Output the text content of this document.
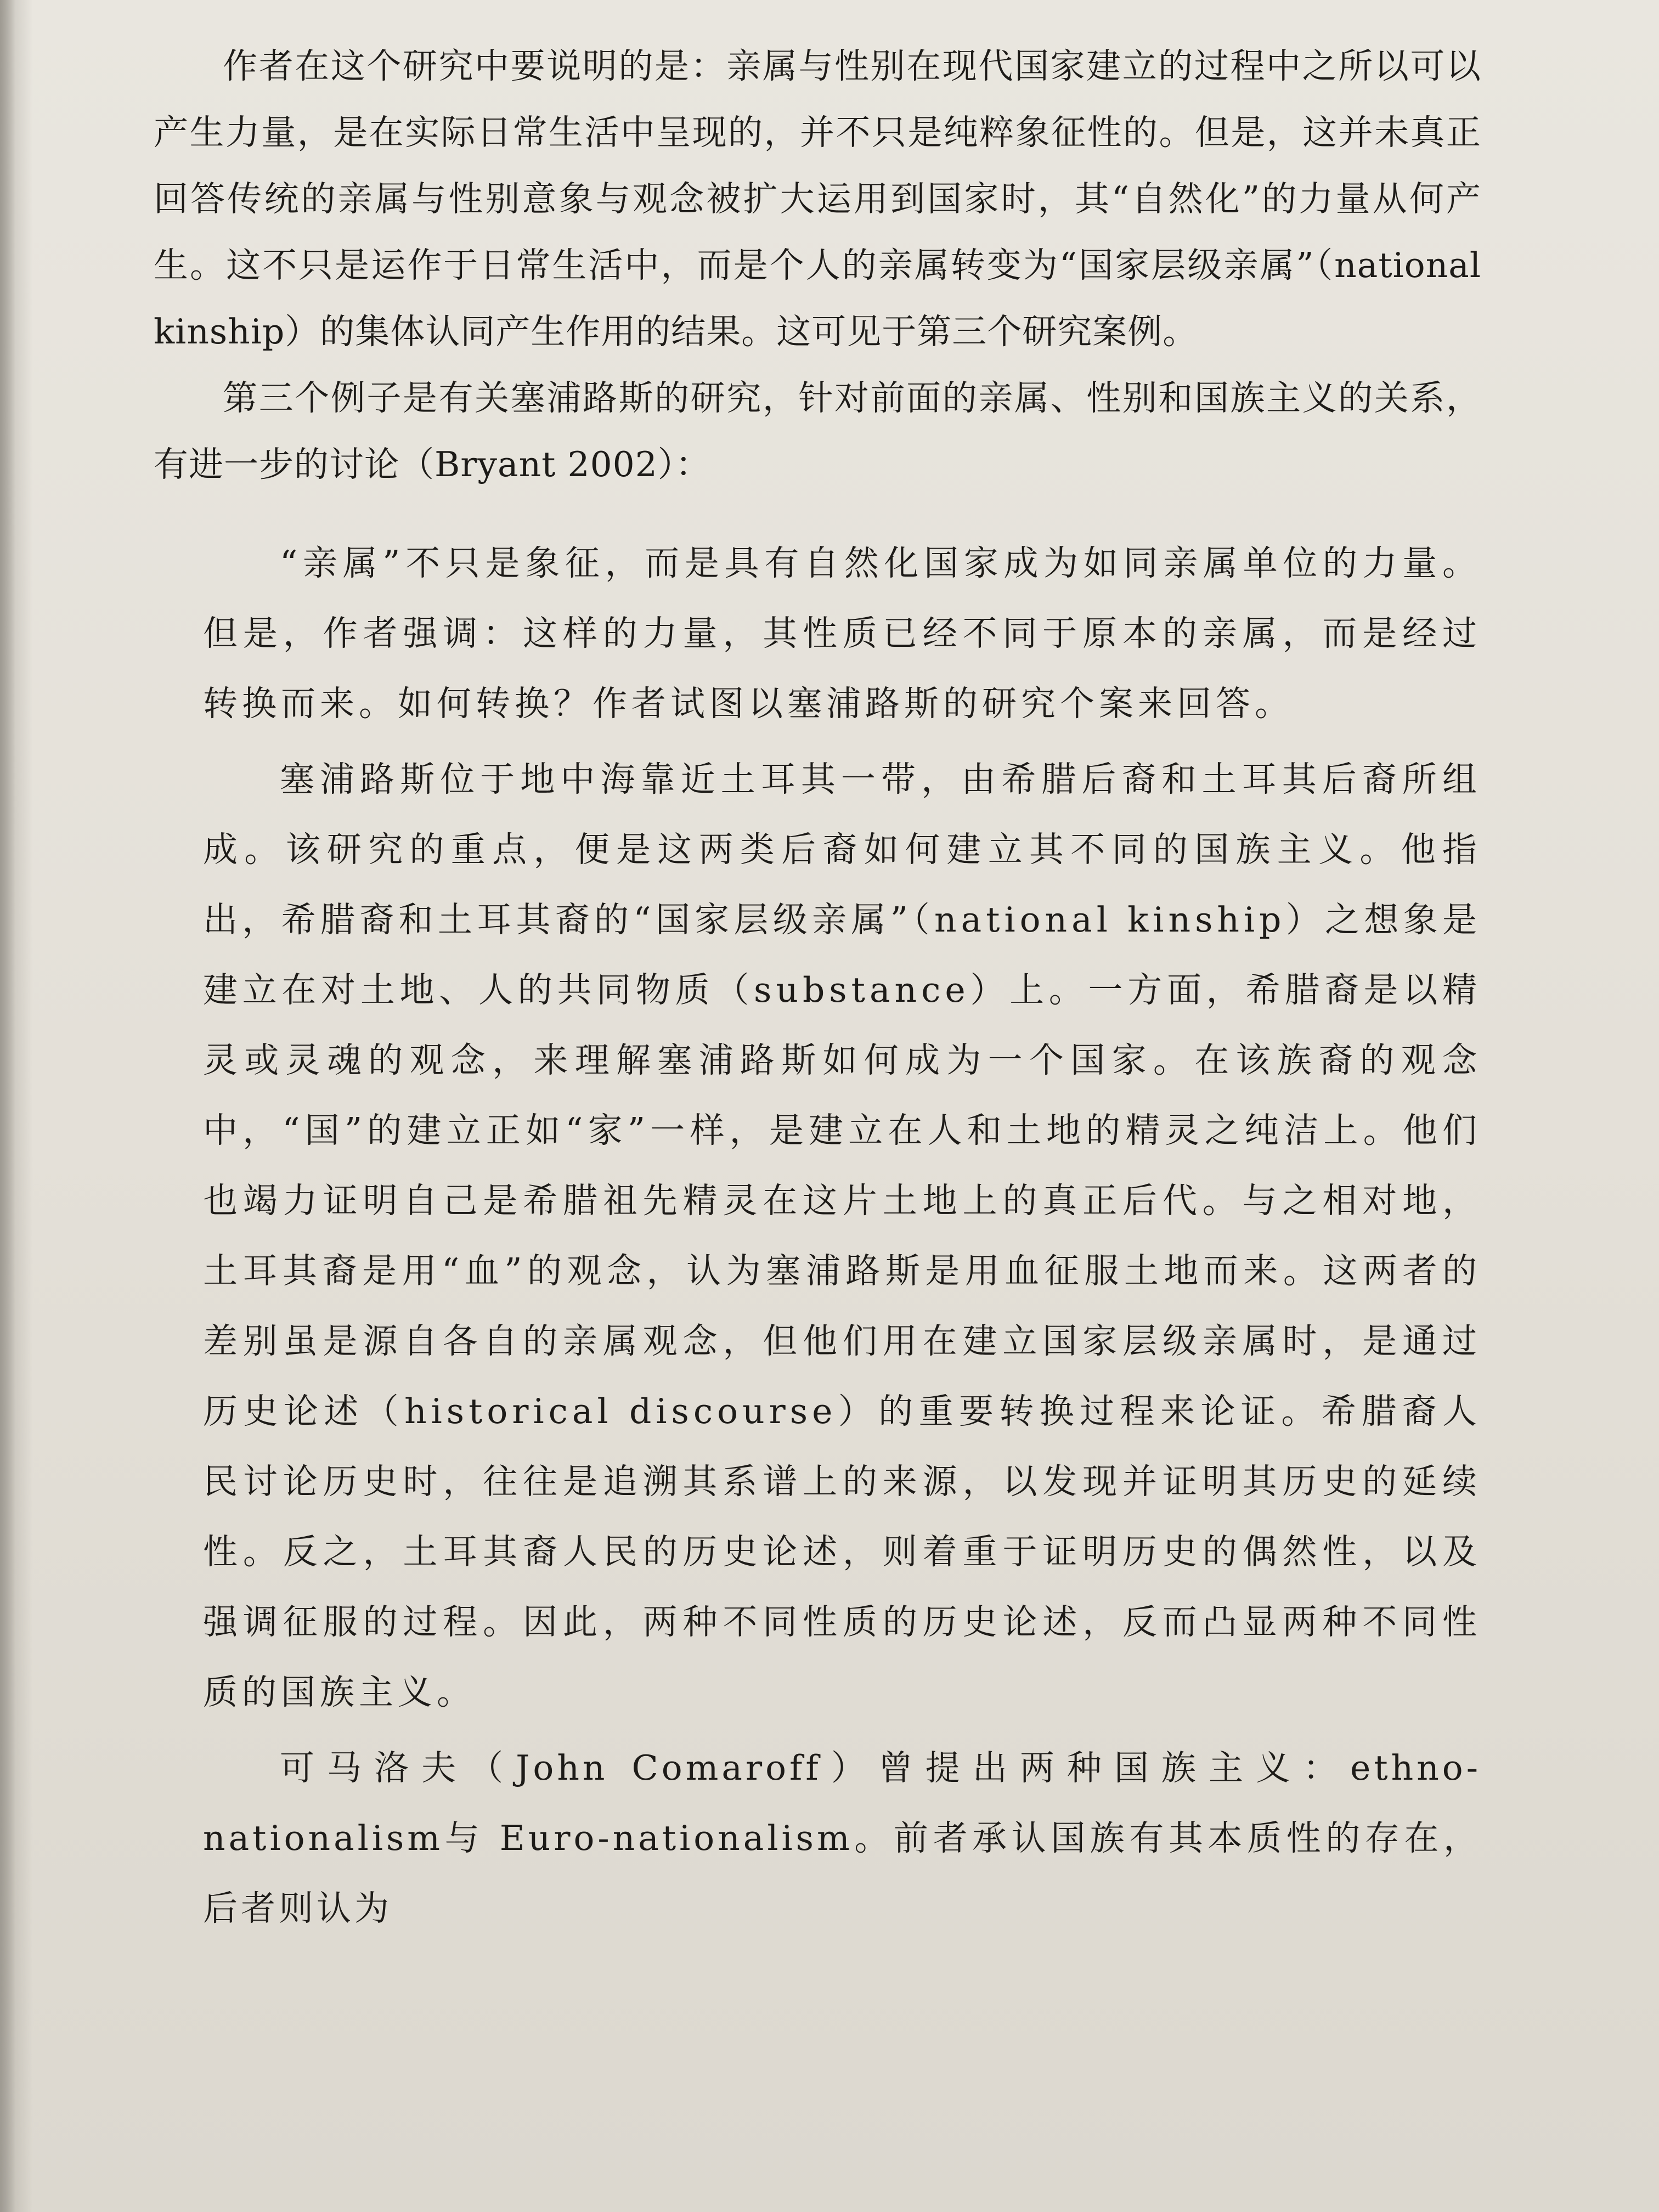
作者在这个研究中要说明的是：亲属与性别在现代国家建立的过程中之所以可以产生力量，是在实际日常生活中呈现的，并不只是纯粹象征性的。但是，这并未真正回答传统的亲属与性别意象与观念被扩大运用到国家时，其“自然化”的力量从何产生。这不只是运作于日常生活中，而是个人的亲属转变为“国家层级亲属”（national kinship）的集体认同产生作用的结果。这可见于第三个研究案例。

第三个例子是有关塞浦路斯的研究，针对前面的亲属、性别和国族主义的关系，有进一步的讨论（Bryant 2002）：

“亲属”不只是象征，而是具有自然化国家成为如同亲属单位的力量。但是，作者强调：这样的力量，其性质已经不同于原本的亲属，而是经过转换而来。如何转换？作者试图以塞浦路斯的研究个案来回答。

塞浦路斯位于地中海靠近土耳其一带，由希腊后裔和土耳其后裔所组成。该研究的重点，便是这两类后裔如何建立其不同的国族主义。他指出，希腊裔和土耳其裔的“国家层级亲属”（national kinship）之想象是建立在对土地、人的共同物质（substance）上。一方面，希腊裔是以精灵或灵魂的观念，来理解塞浦路斯如何成为一个国家。在该族裔的观念中，“国”的建立正如“家”一样，是建立在人和土地的精灵之纯洁上。他们也竭力证明自己是希腊祖先精灵在这片土地上的真正后代。与之相对地，土耳其裔是用“血”的观念，认为塞浦路斯是用血征服土地而来。这两者的差别虽是源自各自的亲属观念，但他们用在建立国家层级亲属时，是通过历史论述（historical discourse）的重要转换过程来论证。希腊裔人民讨论历史时，往往是追溯其系谱上的来源，以发现并证明其历史的延续性。反之，土耳其裔人民的历史论述，则着重于证明历史的偶然性，以及强调征服的过程。因此，两种不同性质的历史论述，反而凸显两种不同性质的国族主义。

可马洛夫（John Comaroff）曾提出两种国族主义：ethno-nationalism与 Euro-nationalism。前者承认国族有其本质性的存在，后者则认为
